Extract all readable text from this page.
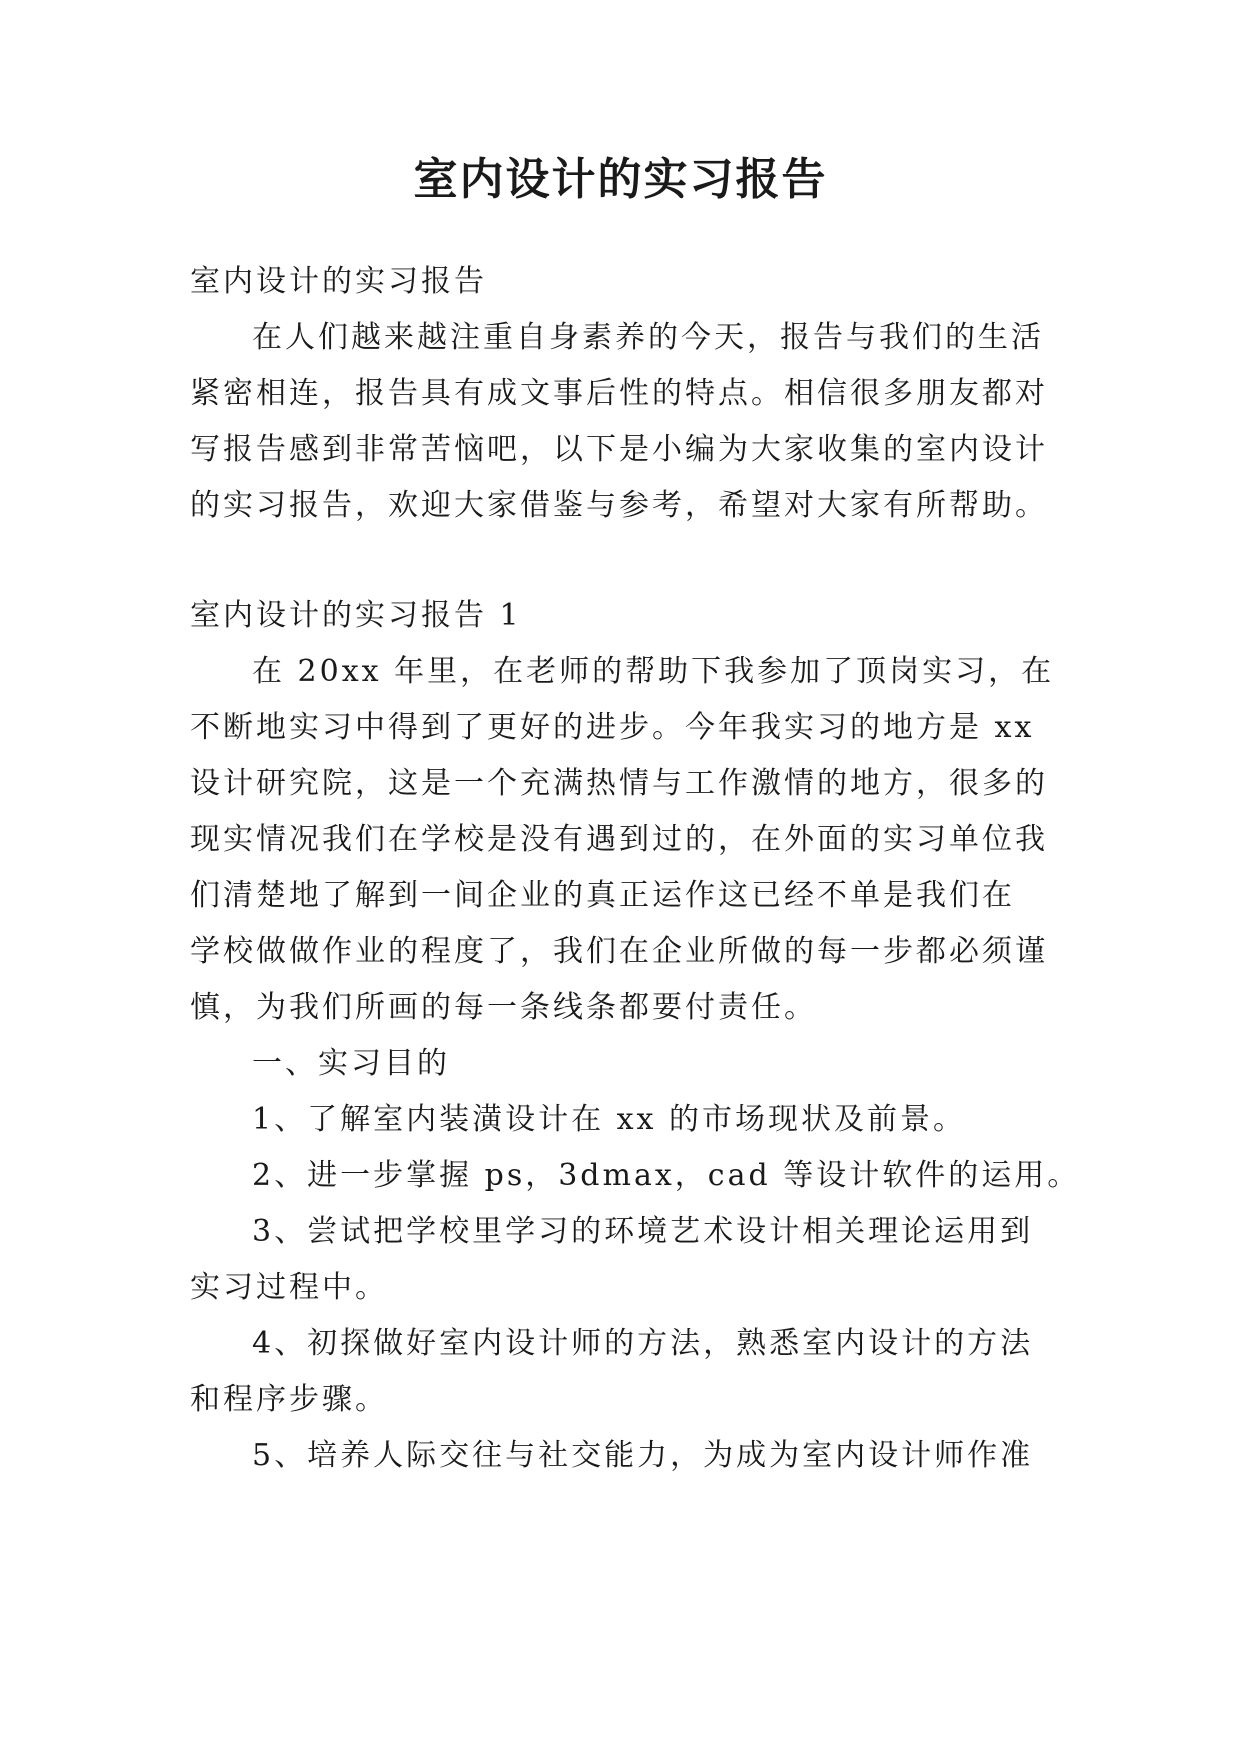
室内设计的实习报告
室内设计的实习报告
在人们越来越注重自身素养的今天，报告与我们的生活
紧密相连，报告具有成文事后性的特点。相信很多朋友都对
写报告感到非常苦恼吧，以下是小编为大家收集的室内设计
的实习报告，欢迎大家借鉴与参考，希望对大家有所帮助。
室内设计的实习报告 1
在 20xx 年里，在老师的帮助下我参加了顶岗实习，在
不断地实习中得到了更好的进步。今年我实习的地方是 xx
设计研究院，这是一个充满热情与工作激情的地方，很多的
现实情况我们在学校是没有遇到过的，在外面的实习单位我
们清楚地了解到一间企业的真正运作这已经不单是我们在
学校做做作业的程度了，我们在企业所做的每一步都必须谨
慎，为我们所画的每一条线条都要付责任。
一、实习目的
1、了解室内装潢设计在 xx 的市场现状及前景。
2、进一步掌握 ps，3dmax，cad 等设计软件的运用。
3、尝试把学校里学习的环境艺术设计相关理论运用到
实习过程中。
4、初探做好室内设计师的方法，熟悉室内设计的方法
和程序步骤。
5、培养人际交往与社交能力，为成为室内设计师作准
